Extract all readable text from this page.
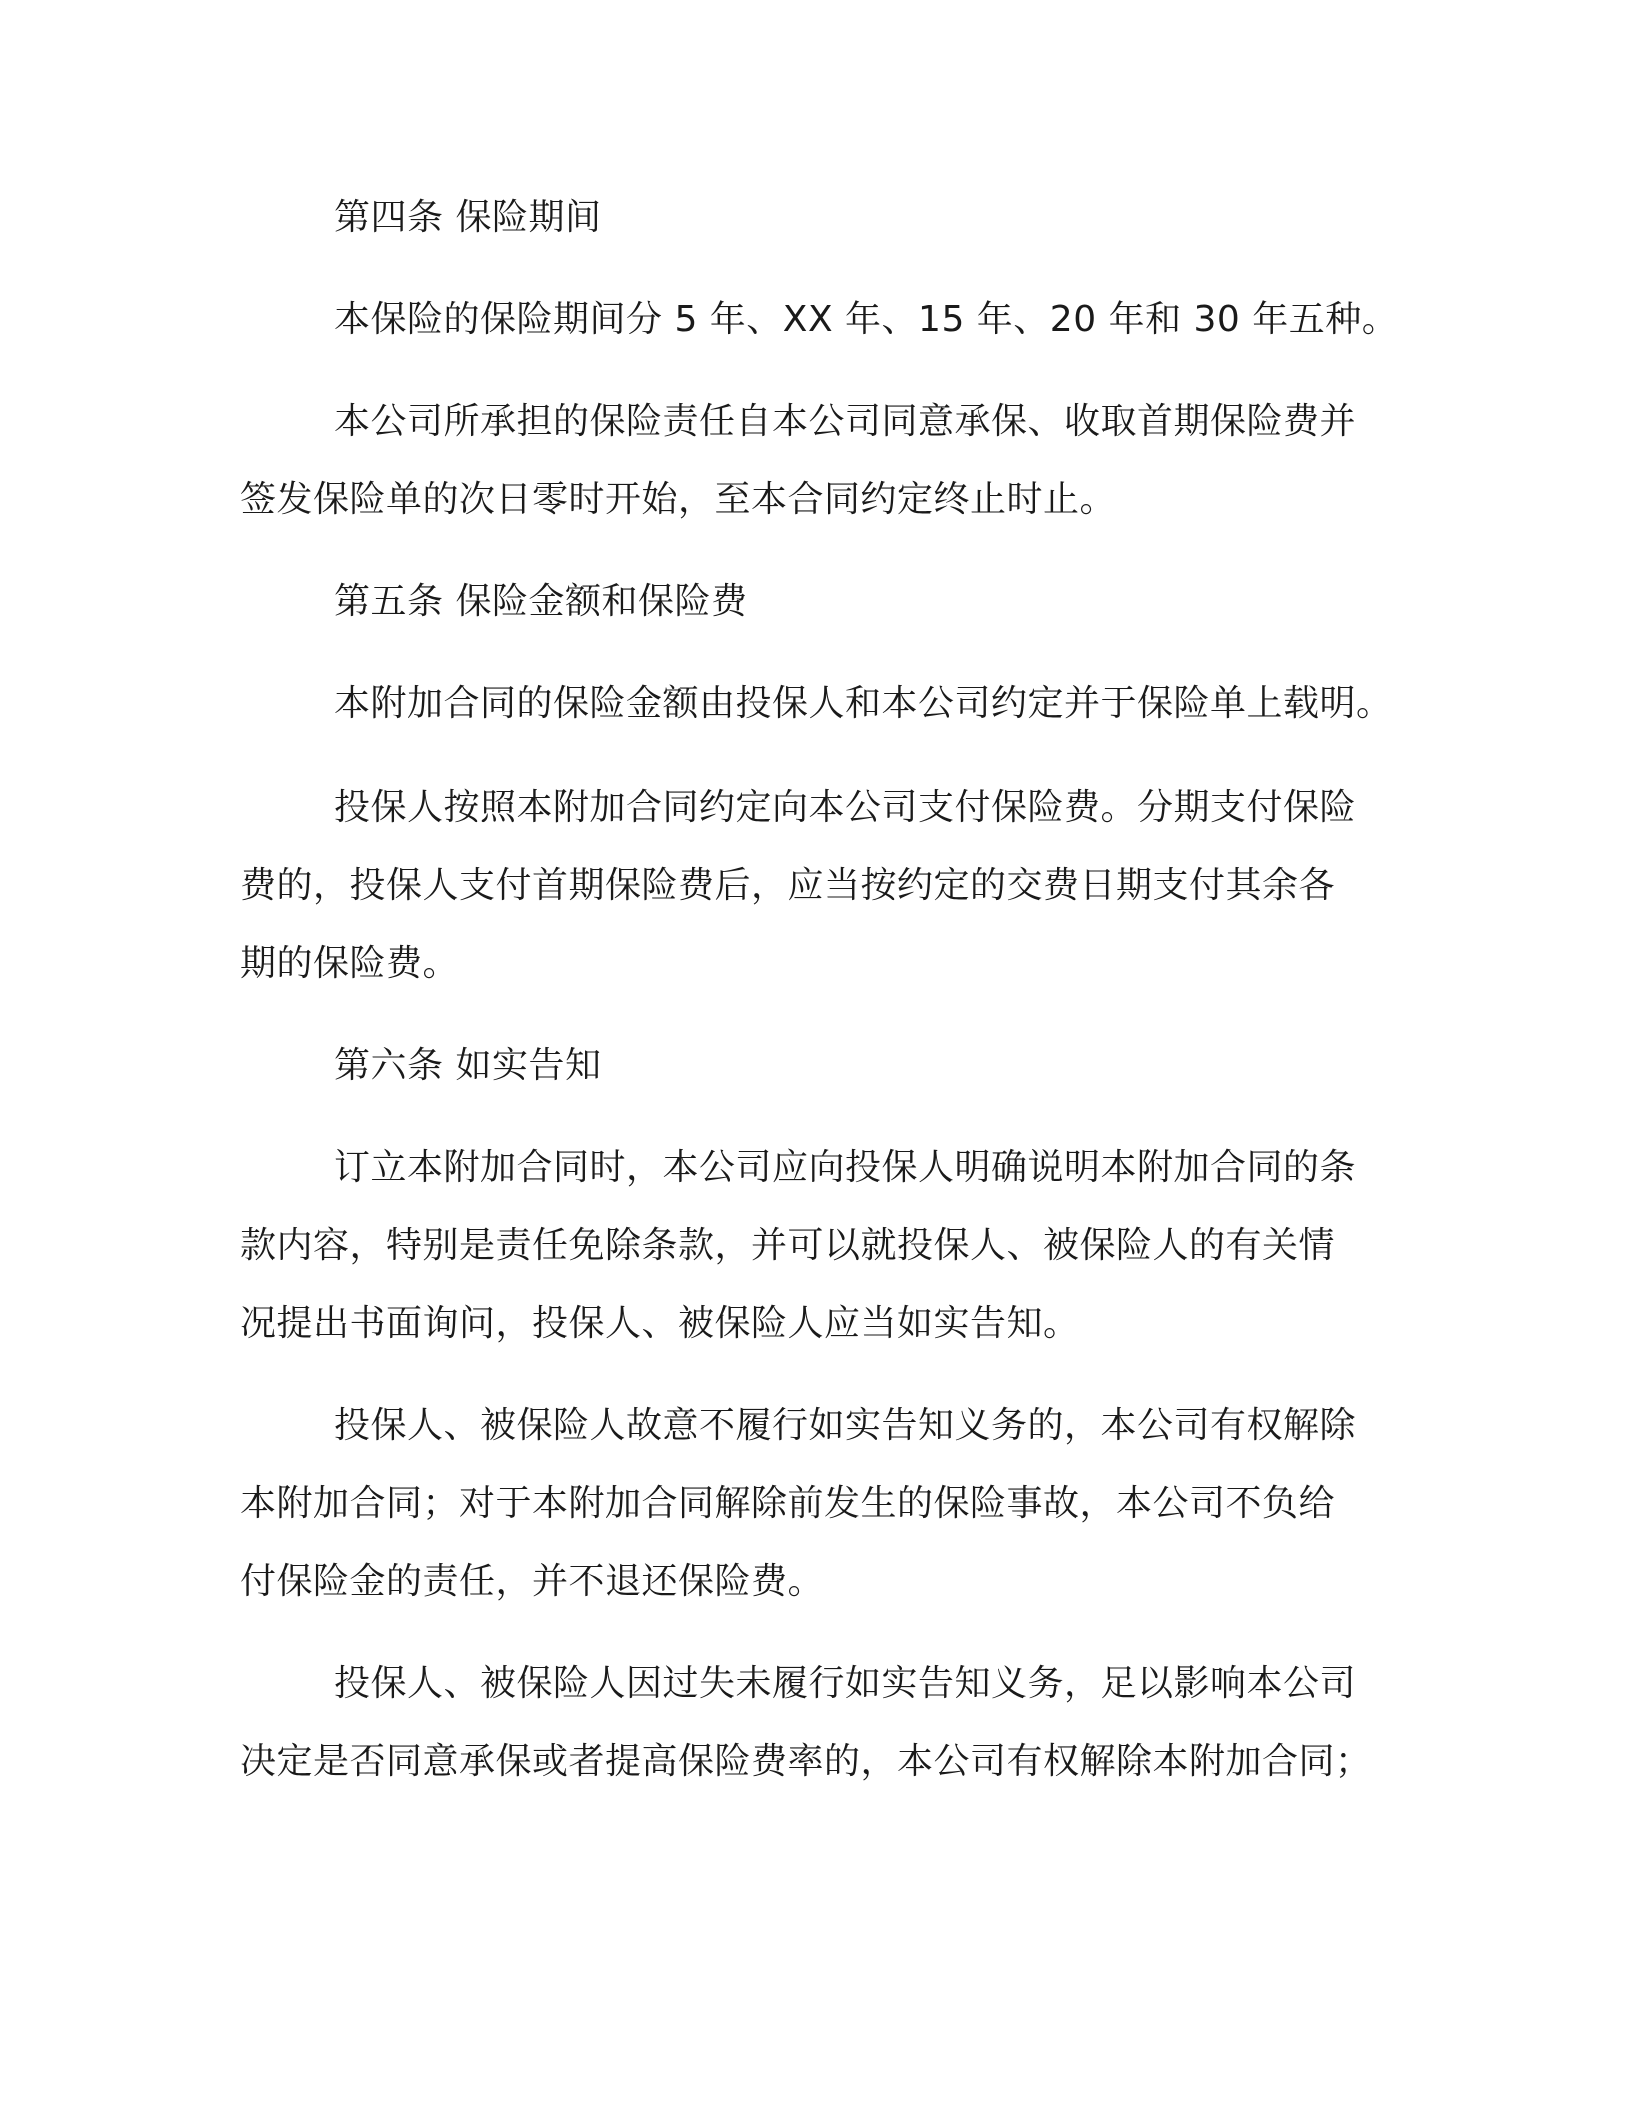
第四条 保险期间
本保险的保险期间分 5 年、XX 年、15 年、20 年和 30 年五种。
本公司所承担的保险责任自本公司同意承保、收取首期保险费并
签发保险单的次日零时开始，至本合同约定终止时止。
第五条 保险金额和保险费
本附加合同的保险金额由投保人和本公司约定并于保险单上载明。
投保人按照本附加合同约定向本公司支付保险费。分期支付保险
费的，投保人支付首期保险费后，应当按约定的交费日期支付其余各
期的保险费。
第六条 如实告知
订立本附加合同时，本公司应向投保人明确说明本附加合同的条
款内容，特别是责任免除条款，并可以就投保人、被保险人的有关情
况提出书面询问，投保人、被保险人应当如实告知。
投保人、被保险人故意不履行如实告知义务的，本公司有权解除
本附加合同；对于本附加合同解除前发生的保险事故，本公司不负给
付保险金的责任，并不退还保险费。
投保人、被保险人因过失未履行如实告知义务，足以影响本公司
决定是否同意承保或者提高保险费率的，本公司有权解除本附加合同；
